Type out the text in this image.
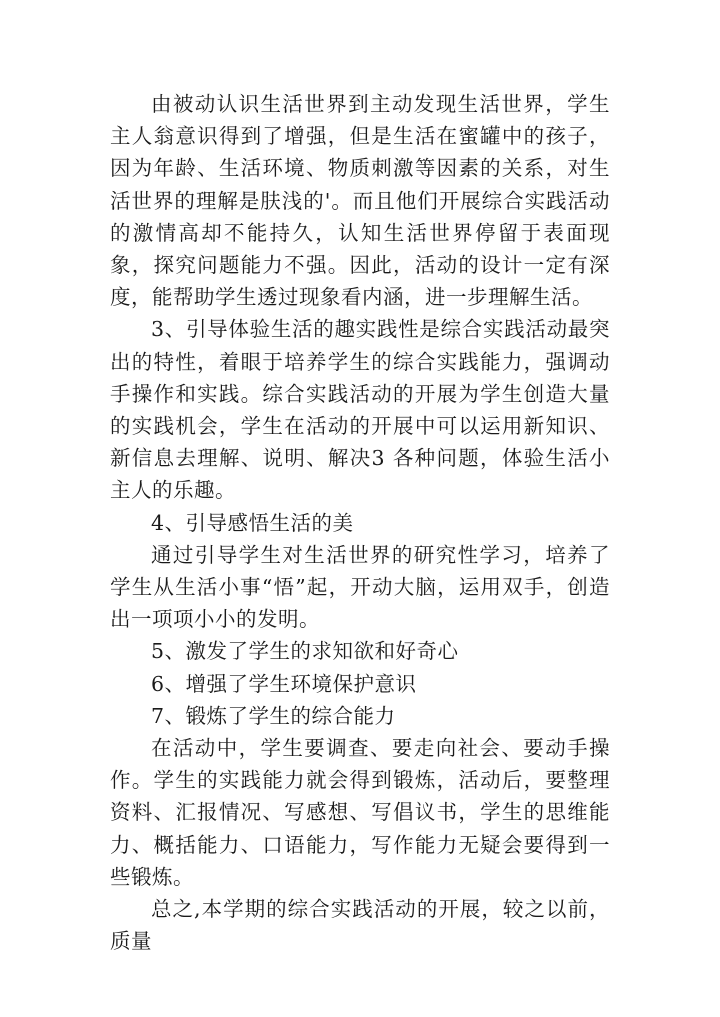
由被动认识生活世界到主动发现生活世界，学生主人翁意识得到了增强，但是生活在蜜罐中的孩子，因为年龄、生活环境、物质刺激等因素的关系，对生活世界的理解是肤浅的'。而且他们开展综合实践活动的激情高却不能持久，认知生活世界停留于表面现象，探究问题能力不强。因此，活动的设计一定有深度，能帮助学生透过现象看内涵，进一步理解生活。

3、引导体验生活的趣实践性是综合实践活动最突出的特性，着眼于培养学生的综合实践能力，强调动手操作和实践。综合实践活动的开展为学生创造大量的实践机会，学生在活动的开展中可以运用新知识、新信息去理解、说明、解决3 各种问题，体验生活小主人的乐趣。

4、引导感悟生活的美

通过引导学生对生活世界的研究性学习，培养了学生从生活小事“悟”起，开动大脑，运用双手，创造出一项项小小的发明。

5、激发了学生的求知欲和好奇心

6、增强了学生环境保护意识

7、锻炼了学生的综合能力

在活动中，学生要调查、要走向社会、要动手操作。学生的实践能力就会得到锻炼，活动后，要整理资料、汇报情况、写感想、写倡议书，学生的思维能力、概括能力、口语能力，写作能力无疑会要得到一些锻炼。

总之,本学期的综合实践活动的开展，较之以前，质量
